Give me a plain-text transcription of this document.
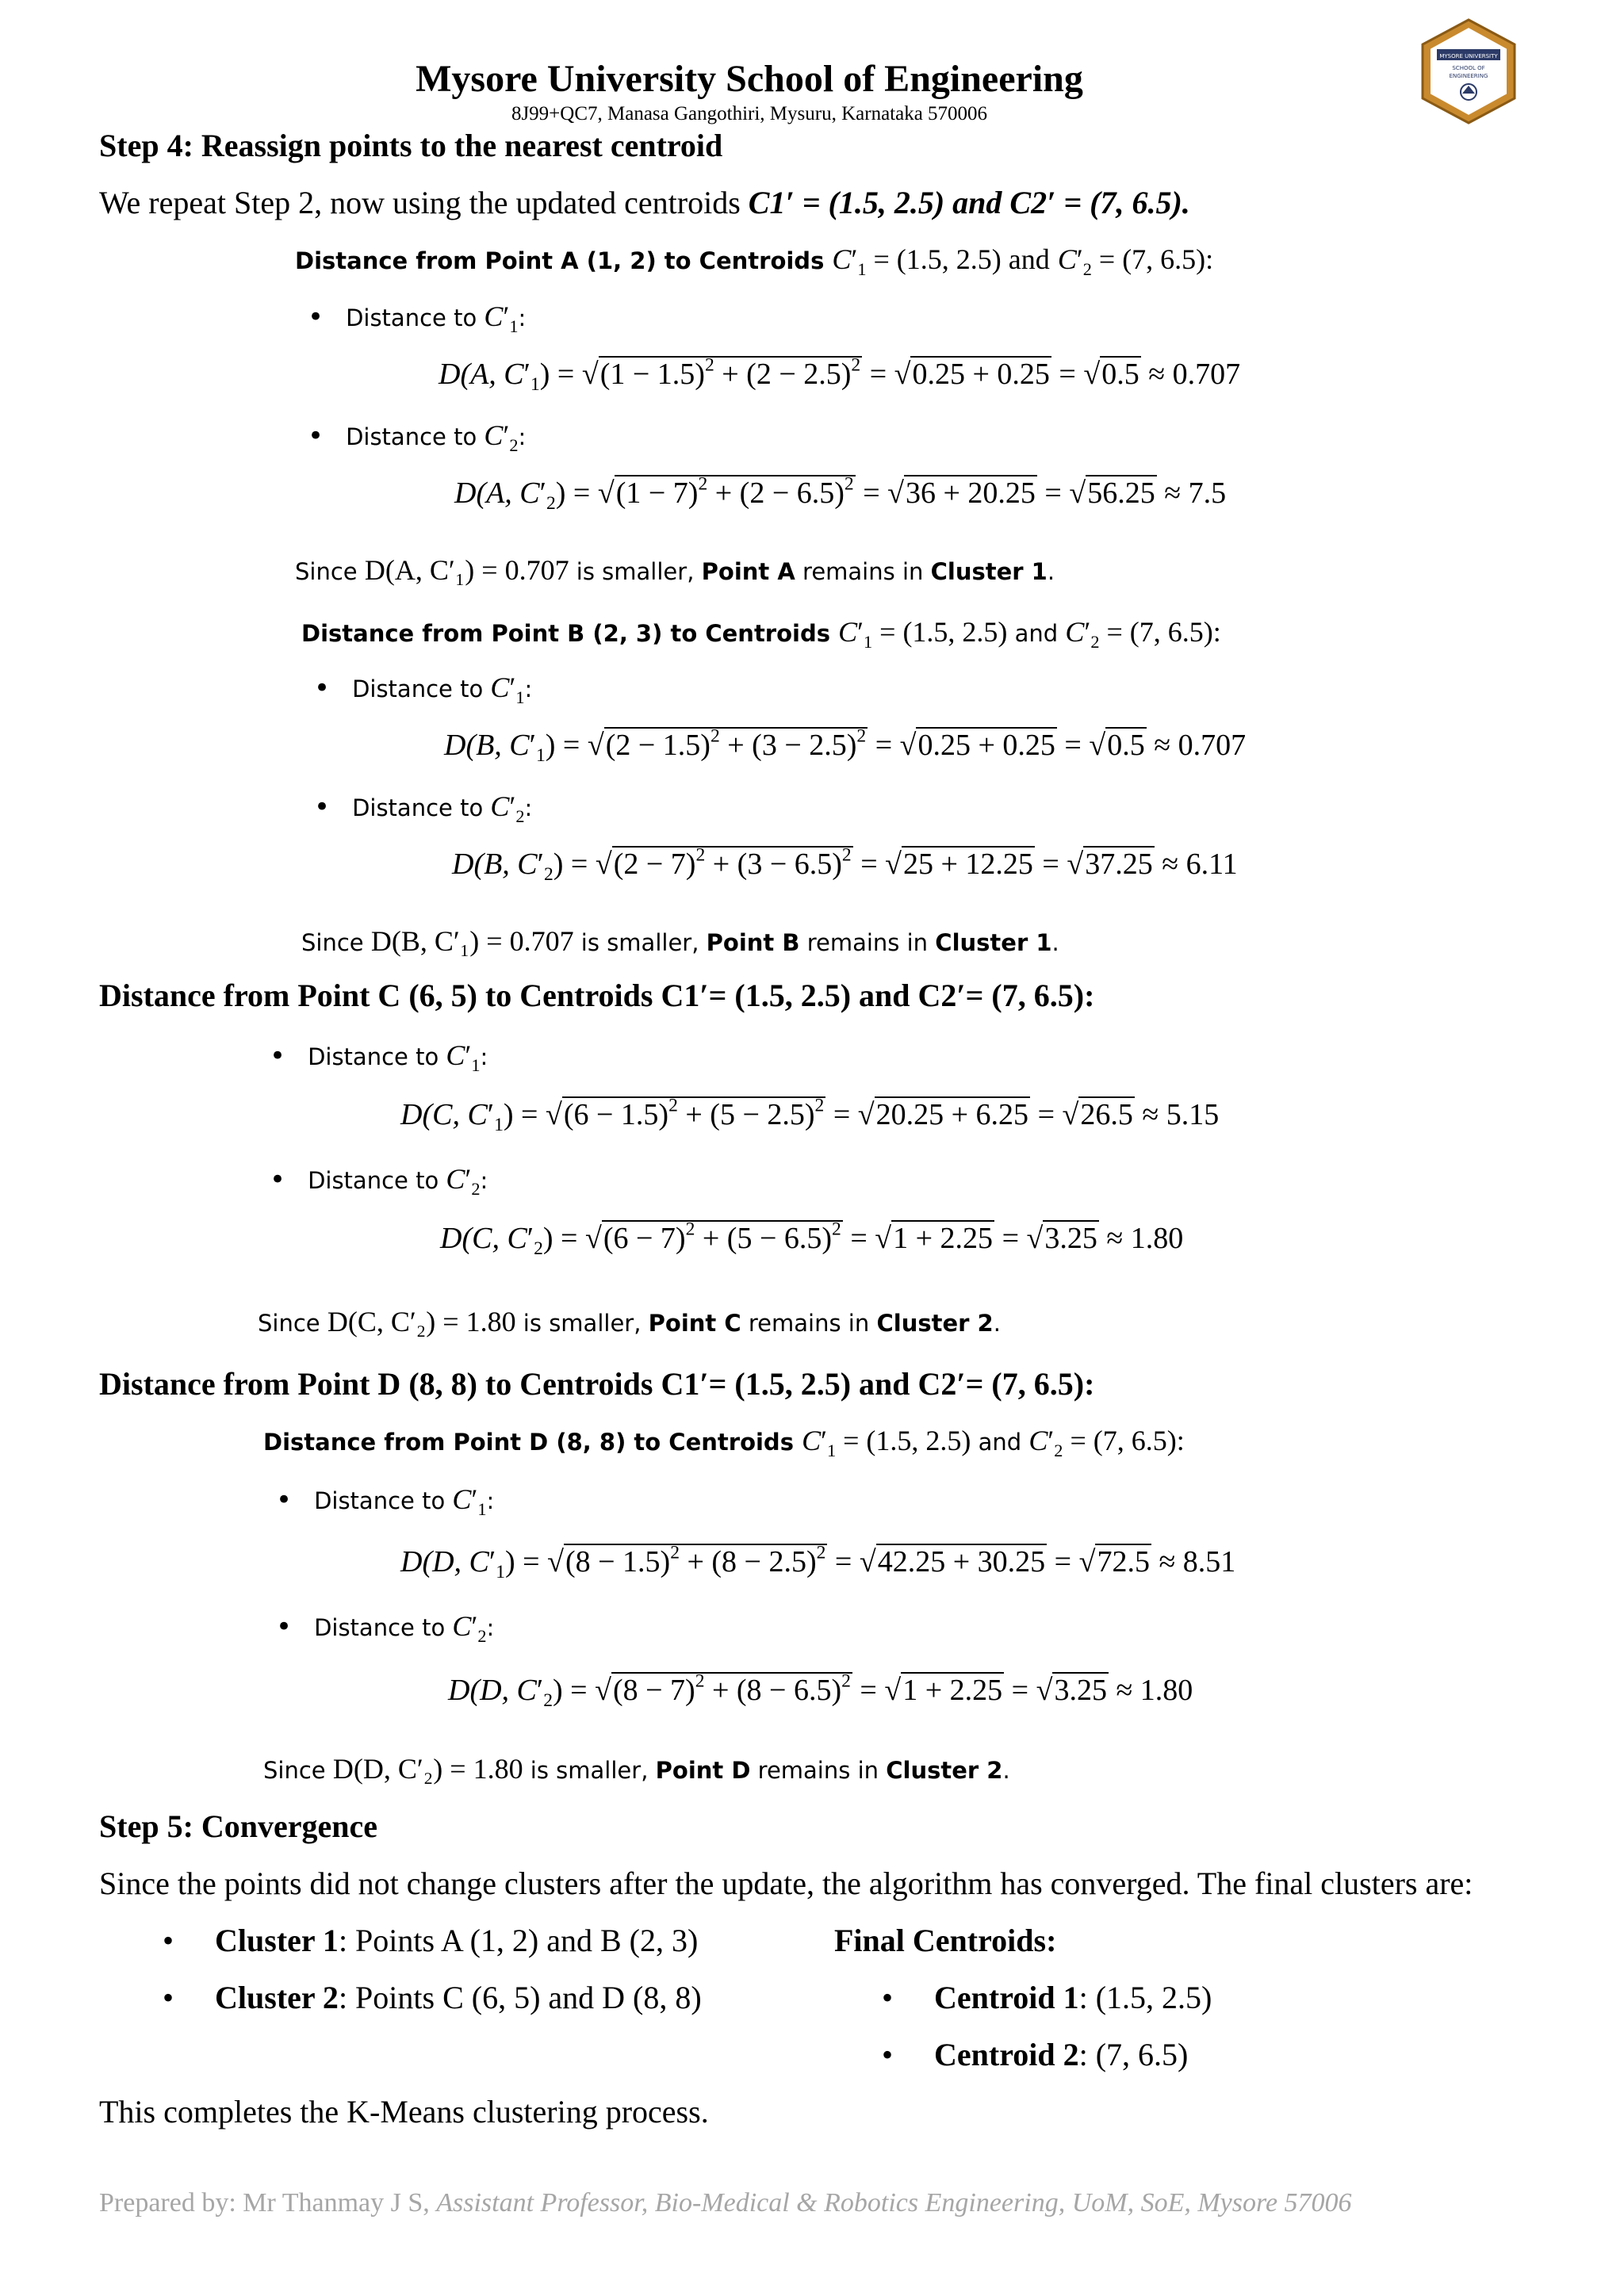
Mysore University School of Engineering
8J99+QC7, Manasa Gangothiri, Mysuru, Karnataka 570006
MYSORE UNIVERSITY
SCHOOL OF
ENGINEERING
Step 4: Reassign points to the nearest centroid
We repeat Step 2, now using the updated centroids C1′ = (1.5, 2.5) and C2′ = (7, 6.5).
Distance from Point A (1, 2) to Centroids $C'_1 = (1.5$, 2.5) and $C'_2 = (7$, 6.5):
• Distance to $C'_1$:
D(A, $C'_1) = √(1 - 1.5)^2 + (2 - 2.5)^2 = √0.25 + 0.25 = √0.5 \approx 0.707$
• Distance to $C'_2$:
D(A, $C'_2) = √(1 - 7)^2 + (2 - 6.5)^2 = √36 + 20.25 = √56.25 \approx 7.5$
Since D(A, C′₁) = 0.707 is smaller, Point A remains in Cluster 1.
Distance from Point B (2, 3) to Centroids $C'_1 = (1.5$, 2.5) and $C'_2 = (7$, 6.5):
• Distance to $C'_1$:
D(B, $C'_1) = √(2 - 1.5)^2 + (3 - 2.5)^2 = √0.25 + 0.25 = √0.5 \approx 0.707$
• Distance to $C'_2$:
D(B, $C'_2) = √(2 - 7)^2 + (3 - 6.5)^2 = √25 + 12.25 = √37.25 \approx 6.11$
Since D(B, C′₁) = 0.707 is smaller, Point B remains in Cluster 1.
Distance from Point C (6, 5) to Centroids C1′= (1.5, 2.5) and C2′= (7, 6.5):
• Distance to $C'_1$:
D(C, $C'_1) = √(6 - 1.5)^2 + (5 - 2.5)^2 = √20.25 + 6.25 = √26.5 \approx 5.15$
• Distance to $C'_2$:
D(C, $C'_2) = √(6 - 7)^2 + (5 - 6.5)^2 = √1 + 2.25 = √3.25 \approx 1.80$
Since D(C, C′₂) = 1.80 is smaller, Point C remains in Cluster 2.
Distance from Point D (8, 8) to Centroids C1′= (1.5, 2.5) and C2′= (7, 6.5):
Distance from Point D (8, 8) to Centroids $C'_1 = (1.5$, 2.5) and $C'_2 = (7$, 6.5):
• Distance to $C'_1$:
D(D, $C'_1) = √(8 - 1.5)^2 + (8 - 2.5)^2 = √42.25 + 30.25 = √72.5 \approx 8.51$
• Distance to $C'_2$:
D(D, $C'_2) = √(8 - 7)^2 + (8 - 6.5)^2 = √1 + 2.25 = √3.25 \approx 1.80$
Since D(D, C′₂) = 1.80 is smaller, Point D remains in Cluster 2.
Step 5: Convergence
Since the points did not change clusters after the update, the algorithm has converged. The final clusters are:
• Cluster 1: Points A (1, 2) and B (2, 3)
• Cluster 2: Points C (6, 5) and D (8, 8)
Final Centroids:
• Centroid 1: (1.5, 2.5)
• Centroid 2: (7, 6.5)
This completes the K-Means clustering process.
Prepared by: Mr Thanmay J S, Assistant Professor, Bio-Medical & Robotics Engineering, UoM, SoE, Mysore 57006
